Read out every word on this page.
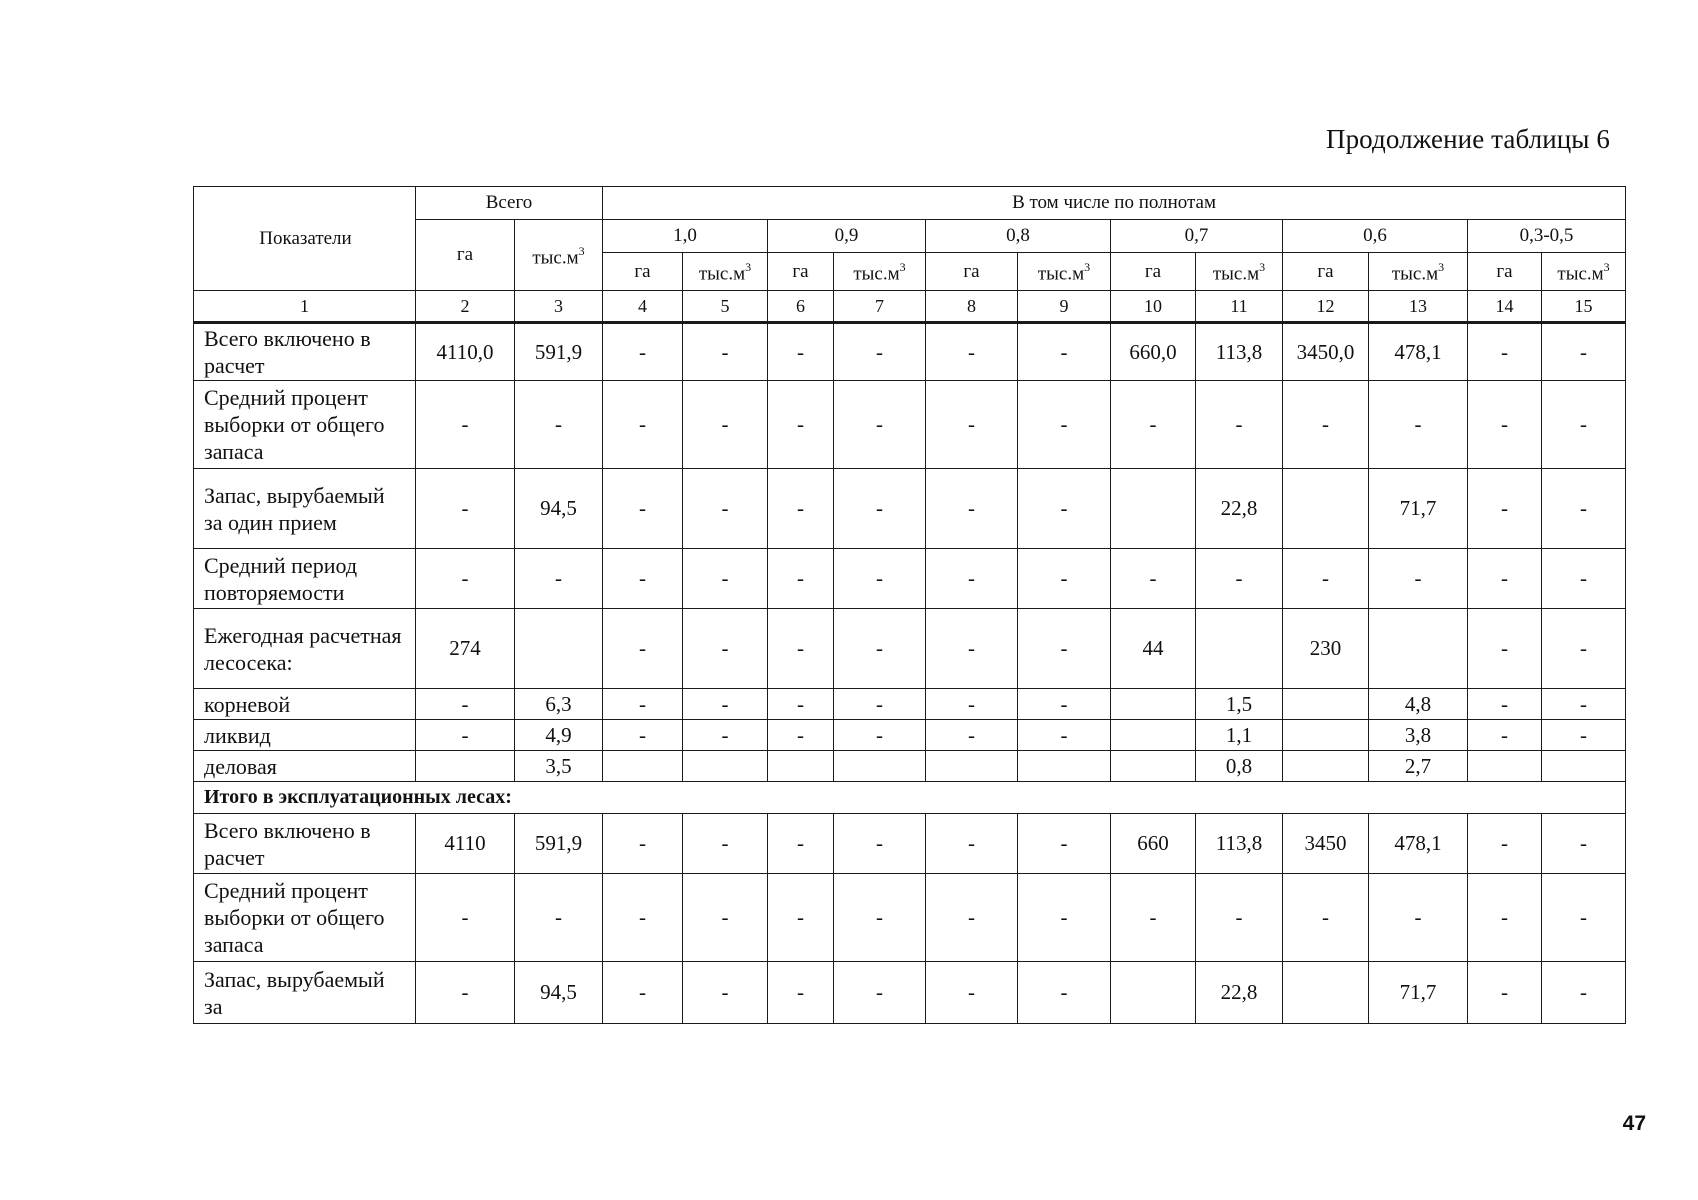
Продолжение таблицы 6
Показатели	Всего		В том числе по полнотам											
	га	$тыс.м^3$	1,0		0,9		0,8		0,7		0,6		0,3-0,5	
			га	$тыс.м^3$	га	$тыс.м^3$	га	$тыс.м^3$	га	$тыс.м^3$	га	$тыс.м^3$	га	$тыс.м^3$
1	2	3	4	5	6	7	8	9	10	11	12	13	14	15
Всего включено в расчет	4110,0	591,9	-	-	-	-	-	-	660,0	113,8	3450,0	478,1	-	-
Средний процент выборки от общего запаса	-	-	-	-	-	-	-	-	-	-	-	-	-	-
Запас, вырубаемый за один прием	-	94,5	-	-	-	-	-	-		22,8		71,7	-	-
Средний период повторяемости	-	-	-	-	-	-	-	-	-	-	-	-	-	-
Ежегодная расчетная лесосека:	274		-	-	-	-	-	-	44		230		-	-
корневой	-	6,3	-	-	-	-	-	-		1,5		4,8	-	-
ликвид	-	4,9	-	-	-	-	-	-		1,1		3,8	-	-
деловая		3,5								0,8		2,7		
Итого в эксплуатационных лесах:														
Всего включено в расчет	4110	591,9	-	-	-	-	-	-	660	113,8	3450	478,1	-	-
Средний процент выборки от общего запаса	-	-	-	-	-	-	-	-	-	-	-	-	-	-
Запас, вырубаемый за	-	94,5	-	-	-	-	-	-		22,8		71,7	-	-
47
